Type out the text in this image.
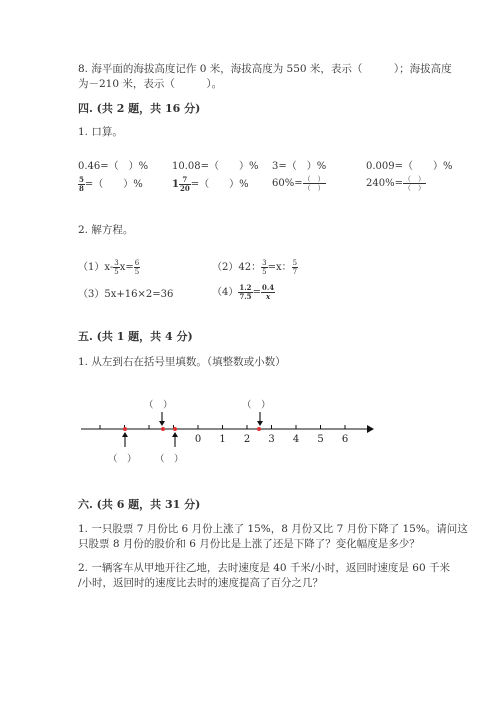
8. 海平面的海拔高度记作 0 米，海拔高度为 550 米，表示（　　　）；海拔高度
为－210 米，表示（　　　）。
四. (共 2 题，共 16 分)
1. 口算。
0.46=（　）% 10.08=（　　）% 3=（　）%	0.009=（　　）%
$\frac{5}{8}$ =（　　）%	$1 \frac{7}{20}$ =（　　）% $60\%= \frac{( )}{( )}$	$240\%= \frac{( )}{( )}$
2. 解方程。
$(1)x- \frac{3}{5} x= \frac{6}{5}$	（2）42： $\frac{3}{5} =x$： $\frac{5}{7}$
（3）5x+16×2=36	$(4) \frac{1.2}{7.5} = \frac{0.4}{x}$
五. (共 1 题，共 4 分)
1. 从左到右在括号里填数。（填整数或小数）
（　）	（　）
（　） （　）
0 1 2 3 4 5 6
六. (共 6 题，共 31 分)
1. 一只股票 7 月份比 6 月份上涨了 15%，8 月份又比 7 月份下降了 15%。请问这
只股票 8 月份的股价和 6 月份比是上涨了还是下降了？变化幅度是多少？
2. 一辆客车从甲地开往乙地，去时速度是 40 千米/小时，返回时速度是 60 千米
/小时，返回时的速度比去时的速度提高了百分之几？
